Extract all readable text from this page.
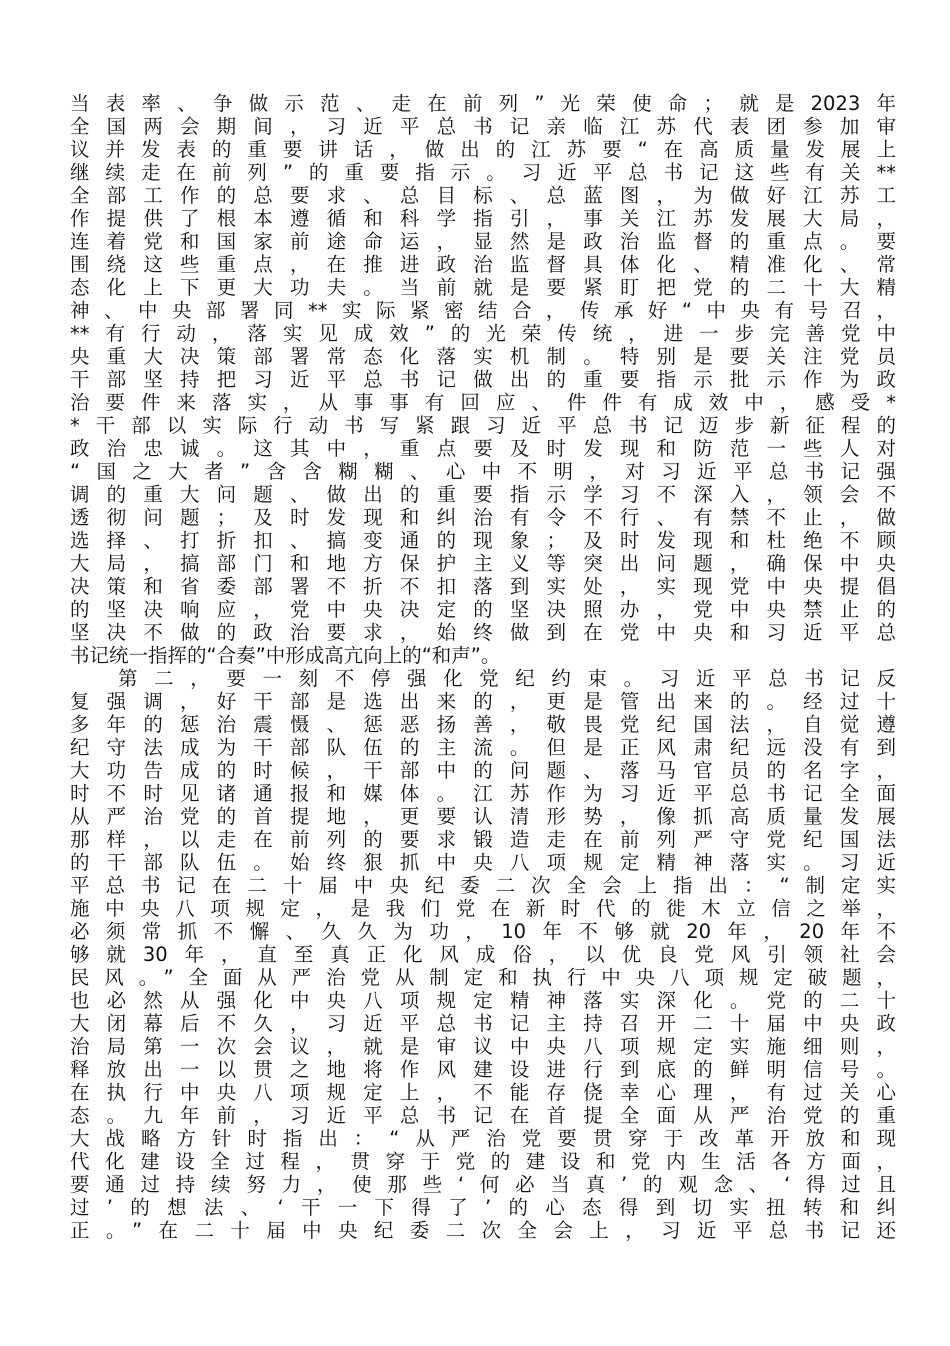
当表率、争做示范、走在前列”光荣使命；就是2023年
全国两会期间，习近平总书记亲临江苏代表团参加审
议并发表的重要讲话，做出的江苏要“在高质量发展上
继续走在前列”的重要指示。习近平总书记这些有关**
全部工作的总要求、总目标、总蓝图，为做好江苏工
作提供了根本遵循和科学指引，事关江苏发展大局，
连着党和国家前途命运，显然是政治监督的重点。要
围绕这些重点，在推进政治监督具体化、精准化、常
态化上下更大功夫。当前就是要紧盯把党的二十大精
神、中央部署同**实际紧密结合，传承好“中央有号召，
**有行动，落实见成效”的光荣传统，进一步完善党中
央重大决策部署常态化落实机制。特别是要关注党员
干部坚持把习近平总书记做出的重要指示批示作为政
治要件来落实，从事事有回应、件件有成效中，感受*
*干部以实际行动书写紧跟习近平总书记迈步新征程的
政治忠诚。这其中，重点要及时发现和防范一些人对
“国之大者”含含糊糊、心中不明，对习近平总书记强
调的重大问题、做出的重要指示学习不深入，领会不
透彻问题；及时发现和纠治有令不行、有禁不止，做
选择、打折扣、搞变通的现象；及时发现和杜绝不顾
大局，搞部门和地方保护主义等突出问题，确保中央
决策和省委部署不折不扣落到实处，实现党中央提倡
的坚决响应，党中央决定的坚决照办，党中央禁止的
坚决不做的政治要求，始终做到在党中央和习近平总
书记统一指挥的“合奏”中形成高亢向上的“和声”。
第二，要一刻不停强化党纪约束。习近平总书记反
复强调，好干部是选出来的，更是管出来的。经过十
多年的惩治震慑、惩恶扬善，敬畏党纪国法，自觉遵
纪守法成为干部队伍的主流。但是正风肃纪远没有到
大功告成的时候，干部中的问题、落马官员的名字，
时不时见诸通报和媒体。江苏作为习近平总书记全面
从严治党的首提地，更要认清形势，像抓高质量发展
那样，以走在前列的要求锻造走在前列严守党纪国法
的干部队伍。始终狠抓中央八项规定精神落实。习近
平总书记在二十届中央纪委二次全会上指出：“制定实
施中央八项规定，是我们党在新时代的徙木立信之举，
必须常抓不懈、久久为功，10年不够就20年，20年不
够就30年，直至真正化风成俗，以优良党风引领社会
民风。”全面从严治党从制定和执行中央八项规定破题，
也必然从强化中央八项规定精神落实深化。党的二十
大闭幕后不久，习近平总书记主持召开二十届中央政
治局第一次会议，就是审议中央八项规定实施细则，
释放出一以贯之地将作风建设进行到底的鲜明信号。
在执行中央八项规定上，不能存侥幸心理，有过关心
态。九年前，习近平总书记在首提全面从严治党的重
大战略方针时指出：“从严治党要贯穿于改革开放和现
代化建设全过程，贯穿于党的建设和党内生活各方面，
要通过持续努力，使那些‘何必当真’的观念、‘得过且
过’的想法、‘干一下得了’的心态得到切实扭转和纠
正。”在二十届中央纪委二次全会上，习近平总书记还
